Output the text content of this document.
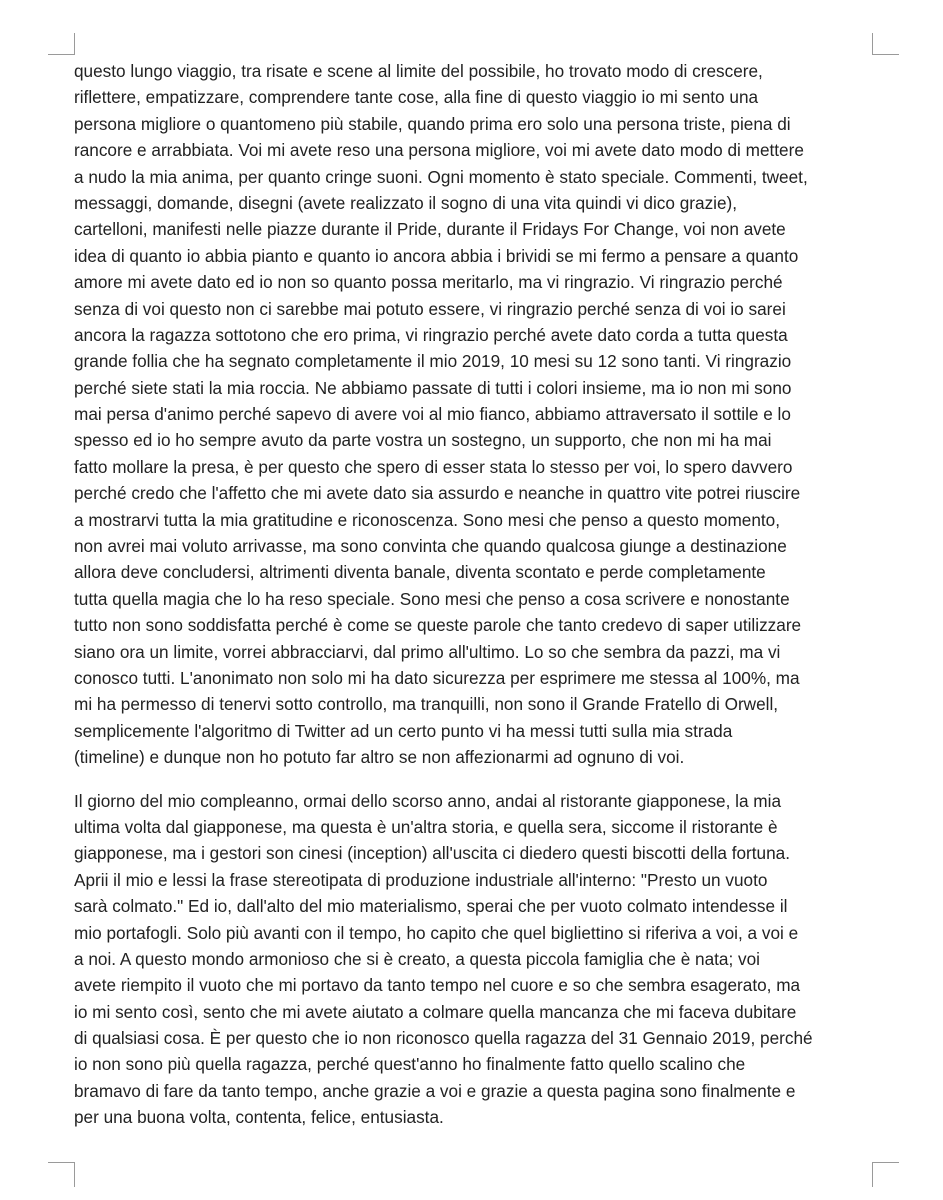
questo lungo viaggio, tra risate e scene al limite del possibile, ho trovato modo di crescere,
riflettere, empatizzare, comprendere tante cose, alla fine di questo viaggio io mi sento una
persona migliore o quantomeno più stabile, quando prima ero solo una persona triste, piena di
rancore e arrabbiata. Voi mi avete reso una persona migliore, voi mi avete dato modo di mettere
a nudo la mia anima, per quanto cringe suoni. Ogni momento è stato speciale. Commenti, tweet,
messaggi, domande, disegni (avete realizzato il sogno di una vita quindi vi dico grazie),
cartelloni, manifesti nelle piazze durante il Pride, durante il Fridays For Change, voi non avete
idea di quanto io abbia pianto e quanto io ancora abbia i brividi se mi fermo a pensare a quanto
amore mi avete dato ed io non so quanto possa meritarlo, ma vi ringrazio. Vi ringrazio perché
senza di voi questo non ci sarebbe mai potuto essere, vi ringrazio perché senza di voi io sarei
ancora la ragazza sottotono che ero prima, vi ringrazio perché avete dato corda a tutta questa
grande follia che ha segnato completamente il mio 2019, 10 mesi su 12 sono tanti. Vi ringrazio
perché siete stati la mia roccia. Ne abbiamo passate di tutti i colori insieme, ma io non mi sono
mai persa d'animo perché sapevo di avere voi al mio fianco, abbiamo attraversato il sottile e lo
spesso ed io ho sempre avuto da parte vostra un sostegno, un supporto, che non mi ha mai
fatto mollare la presa, è per questo che spero di esser stata lo stesso per voi, lo spero davvero
perché credo che l'affetto che mi avete dato sia assurdo e neanche in quattro vite potrei riuscire
a mostrarvi tutta la mia gratitudine e riconoscenza. Sono mesi che penso a questo momento,
non avrei mai voluto arrivasse, ma sono convinta che quando qualcosa giunge a destinazione
allora deve concludersi, altrimenti diventa banale, diventa scontato e perde completamente
tutta quella magia che lo ha reso speciale. Sono mesi che penso a cosa scrivere e nonostante
tutto non sono soddisfatta perché è come se queste parole che tanto credevo di saper utilizzare
siano ora un limite, vorrei abbracciarvi, dal primo all'ultimo. Lo so che sembra da pazzi, ma vi
conosco tutti. L'anonimato non solo mi ha dato sicurezza per esprimere me stessa al 100%, ma
mi ha permesso di tenervi sotto controllo, ma tranquilli, non sono il Grande Fratello di Orwell,
semplicemente l'algoritmo di Twitter ad un certo punto vi ha messi tutti sulla mia strada
(timeline) e dunque non ho potuto far altro se non affezionarmi ad ognuno di voi.
Il giorno del mio compleanno, ormai dello scorso anno, andai al ristorante giapponese, la mia
ultima volta dal giapponese, ma questa è un'altra storia, e quella sera, siccome il ristorante è
giapponese, ma i gestori son cinesi (inception) all'uscita ci diedero questi biscotti della fortuna.
Aprii il mio e lessi la frase stereotipata di produzione industriale all'interno: "Presto un vuoto
sarà colmato." Ed io, dall'alto del mio materialismo, sperai che per vuoto colmato intendesse il
mio portafogli. Solo più avanti con il tempo, ho capito che quel bigliettino si riferiva a voi, a voi e
a noi. A questo mondo armonioso che si è creato, a questa piccola famiglia che è nata; voi
avete riempito il vuoto che mi portavo da tanto tempo nel cuore e so che sembra esagerato, ma
io mi sento così, sento che mi avete aiutato a colmare quella mancanza che mi faceva dubitare
di qualsiasi cosa. È per questo che io non riconosco quella ragazza del 31 Gennaio 2019, perché
io non sono più quella ragazza, perché quest'anno ho finalmente fatto quello scalino che
bramavo di fare da tanto tempo, anche grazie a voi e grazie a questa pagina sono finalmente e
per una buona volta, contenta, felice, entusiasta.
